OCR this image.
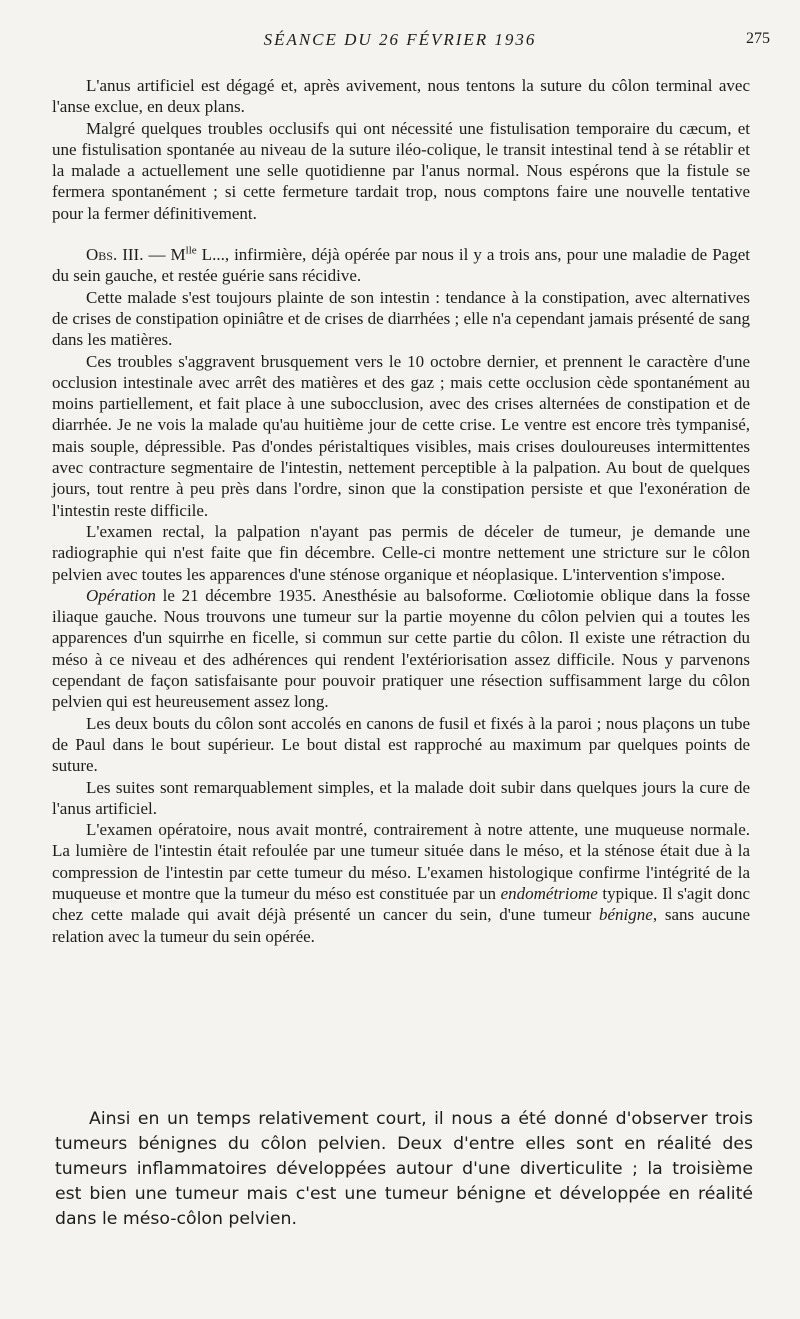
SÉANCE DU 26 FÉVRIER 1936	275

L'anus artificiel est dégagé et, après avivement, nous tentons la suture du côlon terminal avec l'anse exclue, en deux plans.

Malgré quelques troubles occlusifs qui ont nécessité une fistulisation temporaire du cæcum, et une fistulisation spontanée au niveau de la suture iléo-colique, le transit intestinal tend à se rétablir et la malade a actuellement une selle quotidienne par l'anus normal. Nous espérons que la fistule se fermera spontanément ; si cette fermeture tardait trop, nous comptons faire une nouvelle tentative pour la fermer définitivement.

Obs. III. — $M^{lle}$ L..., infirmière, déjà opérée par nous il y a trois ans, pour une maladie de Paget du sein gauche, et restée guérie sans récidive.

Cette malade s'est toujours plainte de son intestin : tendance à la constipation, avec alternatives de crises de constipation opiniâtre et de crises de diarrhées ; elle n'a cependant jamais présenté de sang dans les matières.

Ces troubles s'aggravent brusquement vers le 10 octobre dernier, et prennent le caractère d'une occlusion intestinale avec arrêt des matières et des gaz ; mais cette occlusion cède spontanément au moins partiellement, et fait place à une subocclusion, avec des crises alternées de constipation et de diarrhée. Je ne vois la malade qu'au huitième jour de cette crise. Le ventre est encore très tympanisé, mais souple, dépressible. Pas d'ondes péristaltiques visibles, mais crises douloureuses intermittentes avec contracture segmentaire de l'intestin, nettement perceptible à la palpation. Au bout de quelques jours, tout rentre à peu près dans l'ordre, sinon que la constipation persiste et que l'exonération de l'intestin reste difficile.

L'examen rectal, la palpation n'ayant pas permis de déceler de tumeur, je demande une radiographie qui n'est faite que fin décembre. Celle-ci montre nettement une stricture sur le côlon pelvien avec toutes les apparences d'une sténose organique et néoplasique. L'intervention s'impose.

Opération le 21 décembre 1935. Anesthésie au balsoforme. Cœliotomie oblique dans la fosse iliaque gauche. Nous trouvons une tumeur sur la partie moyenne du côlon pelvien qui a toutes les apparences d'un squirrhe en ficelle, si commun sur cette partie du côlon. Il existe une rétraction du méso à ce niveau et des adhérences qui rendent l'extériorisation assez difficile. Nous y parvenons cependant de façon satisfaisante pour pouvoir pratiquer une résection suffisamment large du côlon pelvien qui est heureusement assez long.

Les deux bouts du côlon sont accolés en canons de fusil et fixés à la paroi ; nous plaçons un tube de Paul dans le bout supérieur. Le bout distal est rapproché au maximum par quelques points de suture.

Les suites sont remarquablement simples, et la malade doit subir dans quelques jours la cure de l'anus artificiel.

L'examen opératoire, nous avait montré, contrairement à notre attente, une muqueuse normale. La lumière de l'intestin était refoulée par une tumeur située dans le méso, et la sténose était due à la compression de l'intestin par cette tumeur du méso. L'examen histologique confirme l'intégrité de la muqueuse et montre que la tumeur du méso est constituée par un endométriome typique. Il s'agit donc chez cette malade qui avait déjà présenté un cancer du sein, d'une tumeur bénigne, sans aucune relation avec la tumeur du sein opérée.

Ainsi en un temps relativement court, il nous a été donné d'observer trois tumeurs bénignes du côlon pelvien. Deux d'entre elles sont en réalité des tumeurs inflammatoires développées autour d'une diverticulite ; la troisième est bien une tumeur mais c'est une tumeur bénigne et développée en réalité dans le méso-côlon pelvien.
